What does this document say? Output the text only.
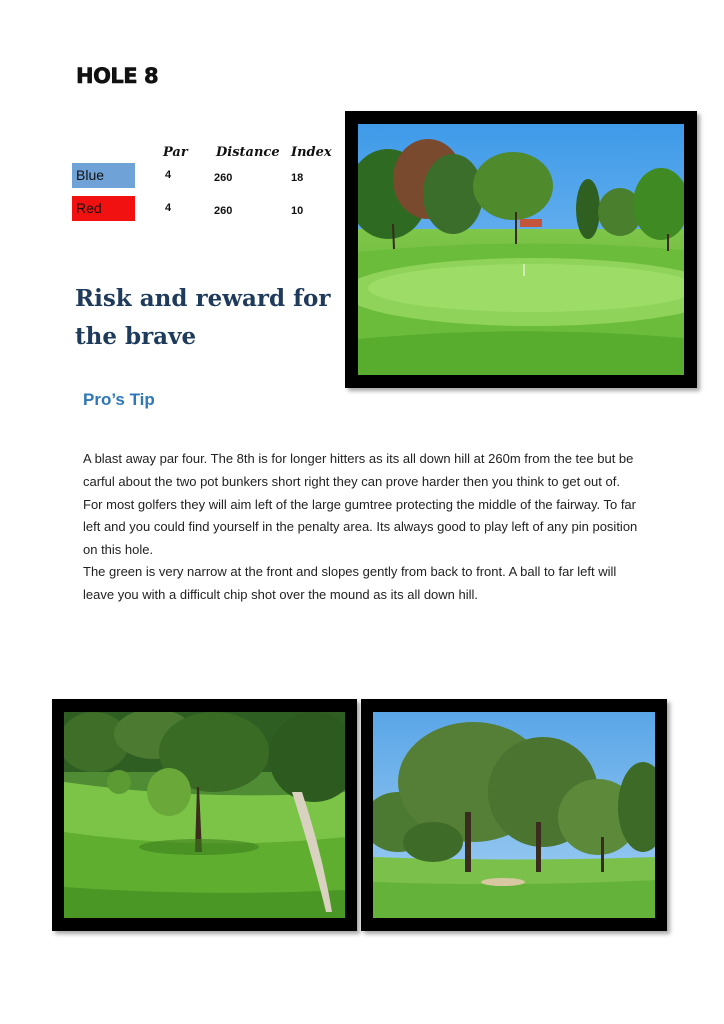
HOLE 8
Par Distance Index
Blue	4	260	18
Red	4	260	10
Risk and reward for the brave
Pro’s Tip

A blast away par four. The 8th is for longer hitters as its all down hill at 260m from the tee but be carful about the two pot bunkers short right they can prove harder then you think to get out of. For most golfers they will aim left of the large gumtree protecting the middle of the fairway. To far left and you could find yourself in the penalty area. Its always good to play left of any pin position on this hole.

The green is very narrow at the front and slopes gently from back to front. A ball to far left will leave you with a difficult chip shot over the mound as its all down hill.
